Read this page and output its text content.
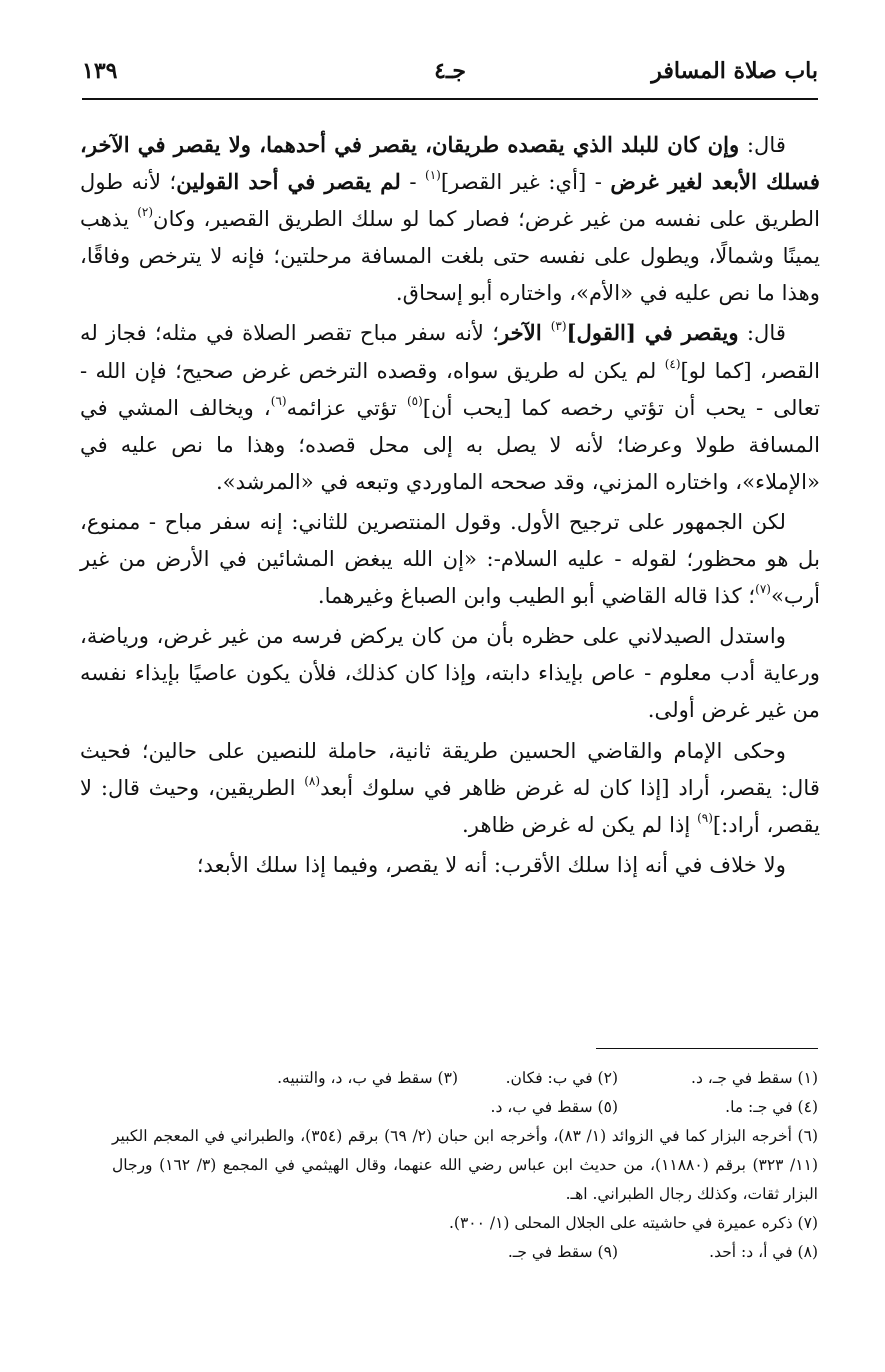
باب صلاة المسافر
جـ٤
١٣٩

قال: وإن كان للبلد الذي يقصده طريقان، يقصر في أحدهما، ولا يقصر في الآخر، فسلك الأبعد لغير غرض - [أي: غير القصر]$^{(١)}$ - لم يقصر في أحد القولين؛ لأنه طول الطريق على نفسه من غير غرض؛ فصار كما لو سلك الطريق القصير، وكان$^{(٢)}$ يذهب يمينًا وشمالًا، ويطول على نفسه حتى بلغت المسافة مرحلتين؛ فإنه لا يترخص وفاقًا، وهذا ما نص عليه في «الأم»، واختاره أبو إسحاق.

قال: ويقصر في [القول]$^{(٣)}$ الآخر؛ لأنه سفر مباح تقصر الصلاة في مثله؛ فجاز له القصر، [كما لو]$^{(٤)}$ لم يكن له طريق سواه، وقصده الترخص غرض صحيح؛ فإن الله - تعالى - يحب أن تؤتي رخصه كما [يحب أن]$^{(٥)}$ تؤتي عزائمه$^{(٦)}$، ويخالف المشي في المسافة طولا وعرضا؛ لأنه لا يصل به إلى محل قصده؛ وهذا ما نص عليه في «الإملاء»، واختاره المزني، وقد صححه الماوردي وتبعه في «المرشد».

لكن الجمهور على ترجيح الأول. وقول المنتصرين للثاني: إنه سفر مباح - ممنوع، بل هو محظور؛ لقوله - عليه السلام-: «إن الله يبغض المشائين في الأرض من غير أرب»$^{(٧)}$؛ كذا قاله القاضي أبو الطيب وابن الصباغ وغيرهما.

واستدل الصيدلاني على حظره بأن من كان يركض فرسه من غير غرض، ورياضة، ورعاية أدب معلوم - عاص بإيذاء دابته، وإذا كان كذلك، فلأن يكون عاصيًا بإيذاء نفسه من غير غرض أولى.

وحكى الإمام والقاضي الحسين طريقة ثانية، حاملة للنصين على حالين؛ فحيث قال: يقصر، أراد [إذا كان له غرض ظاهر في سلوك أبعد$^{(٨)}$ الطريقين، وحيث قال: لا يقصر، أراد:]$^{(٩)}$ إذا لم يكن له غرض ظاهر.

ولا خلاف في أنه إذا سلك الأقرب: أنه لا يقصر، وفيما إذا سلك الأبعد؛

(١) سقط في جـ، د.
(٢) في ب: فكان.
(٣) سقط في ب، د، والتنبيه.
(٤) في جـ: ما.
(٥) سقط في ب، د.

(٦) أخرجه البزار كما في الزوائد (١/ ٨٣)، وأخرجه ابن حبان (٢/ ٦٩) برقم (٣٥٤)، والطبراني في المعجم الكبير (١١/ ٣٢٣) برقم (١١٨٨٠)، من حديث ابن عباس رضي الله عنهما، وقال الهيثمي في المجمع (٣/ ١٦٢) ورجال البزار ثقات، وكذلك رجال الطبراني. اهـ.

(٧) ذكره عميرة في حاشيته على الجلال المحلى (١/ ٣٠٠).

(٨) في أ، د: أحد.
(٩) سقط في جـ.
